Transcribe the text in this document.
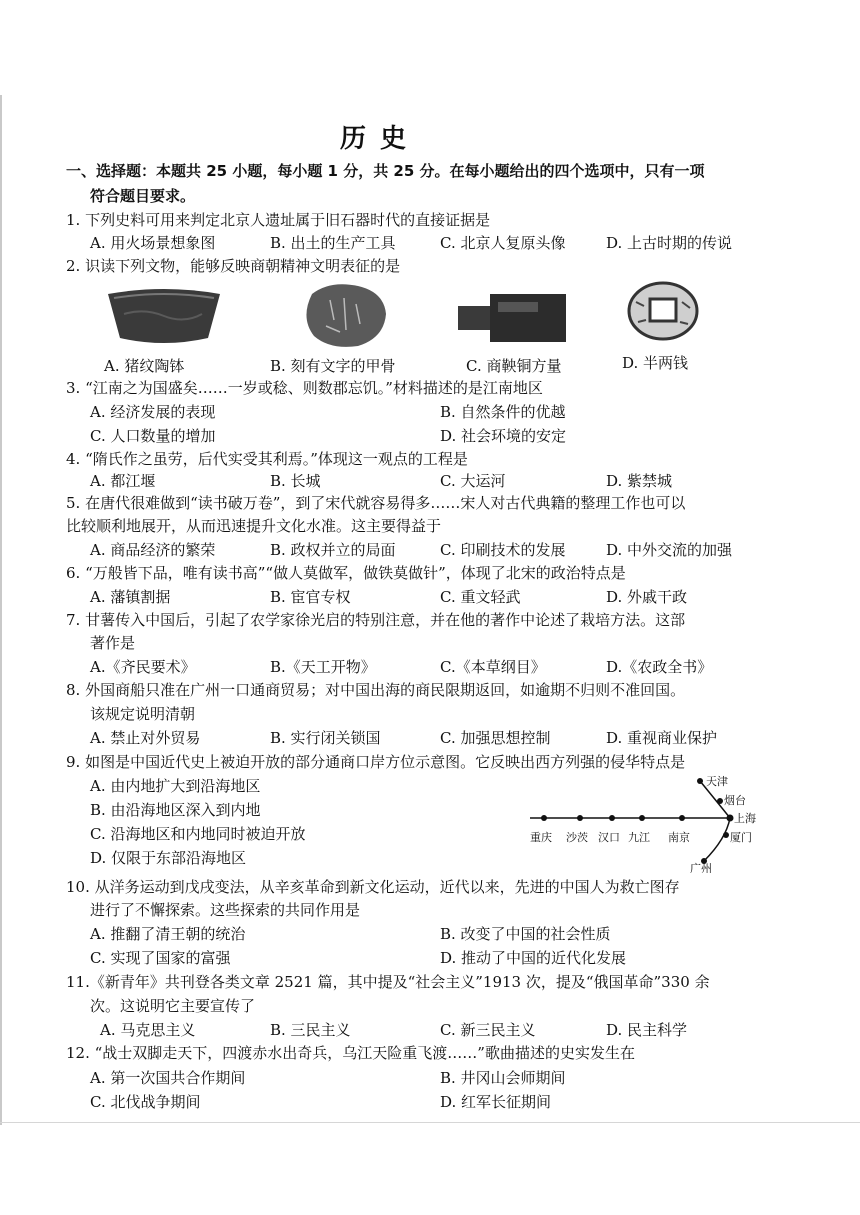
历史
一、选择题：本题共 25 小题，每小题 1 分，共 25 分。在每小题给出的四个选项中，只有一项
符合题目要求。
1. 下列史料可用来判定北京人遗址属于旧石器时代的直接证据是
A. 用火场景想象图	B. 出土的生产工具	C. 北京人复原头像	D. 上古时期的传说
2. 识读下列文物，能够反映商朝精神文明表征的是
A. 猪纹陶钵	B. 刻有文字的甲骨	C. 商鞅铜方量	D. 半两钱
3. “江南之为国盛矣……一岁或稔、则数郡忘饥。”材料描述的是江南地区
A. 经济发展的表现	B. 自然条件的优越
C. 人口数量的增加	D. 社会环境的安定
4. “隋氏作之虽劳，后代实受其利焉。”体现这一观点的工程是
A. 都江堰	B. 长城	C. 大运河	D. 紫禁城
5. 在唐代很难做到“读书破万卷”，到了宋代就容易得多……宋人对古代典籍的整理工作也可以
比较顺利地展开，从而迅速提升文化水准。这主要得益于
A. 商品经济的繁荣	B. 政权并立的局面	C. 印刷技术的发展	D. 中外交流的加强
6. “万般皆下品，唯有读书高”“做人莫做军，做铁莫做针”，体现了北宋的政治特点是
A. 藩镇割据	B. 宦官专权	C. 重文轻武	D. 外戚干政
7. 甘薯传入中国后，引起了农学家徐光启的特别注意，并在他的著作中论述了栽培方法。这部
著作是
A.《齐民要术》	B.《天工开物》	C.《本草纲目》	D.《农政全书》
8. 外国商船只准在广州一口通商贸易；对中国出海的商民限期返回，如逾期不归则不准回国。
该规定说明清朝
A. 禁止对外贸易	B. 实行闭关锁国	C. 加强思想控制	D. 重视商业保护
9. 如图是中国近代史上被迫开放的部分通商口岸方位示意图。它反映出西方列强的侵华特点是
A. 由内地扩大到沿海地区
B. 由沿海地区深入到内地
C. 沿海地区和内地同时被迫开放
D. 仅限于东部沿海地区
重庆 沙茨 汉口 九江 南京
上海
天津
烟台
厦门
广州
10. 从洋务运动到戊戌变法，从辛亥革命到新文化运动，近代以来，先进的中国人为救亡图存
进行了不懈探索。这些探索的共同作用是
A. 推翻了清王朝的统治	B. 改变了中国的社会性质
C. 实现了国家的富强	D. 推动了中国的近代化发展
11.《新青年》共刊登各类文章 2521 篇，其中提及“社会主义”1913 次，提及“俄国革命”330 余
次。这说明它主要宣传了
A. 马克思主义	B. 三民主义	C. 新三民主义	D. 民主科学
12. “战士双脚走天下，四渡赤水出奇兵，乌江天险重飞渡……”歌曲描述的史实发生在
A. 第一次国共合作期间	B. 井冈山会师期间
C. 北伐战争期间	D. 红军长征期间
